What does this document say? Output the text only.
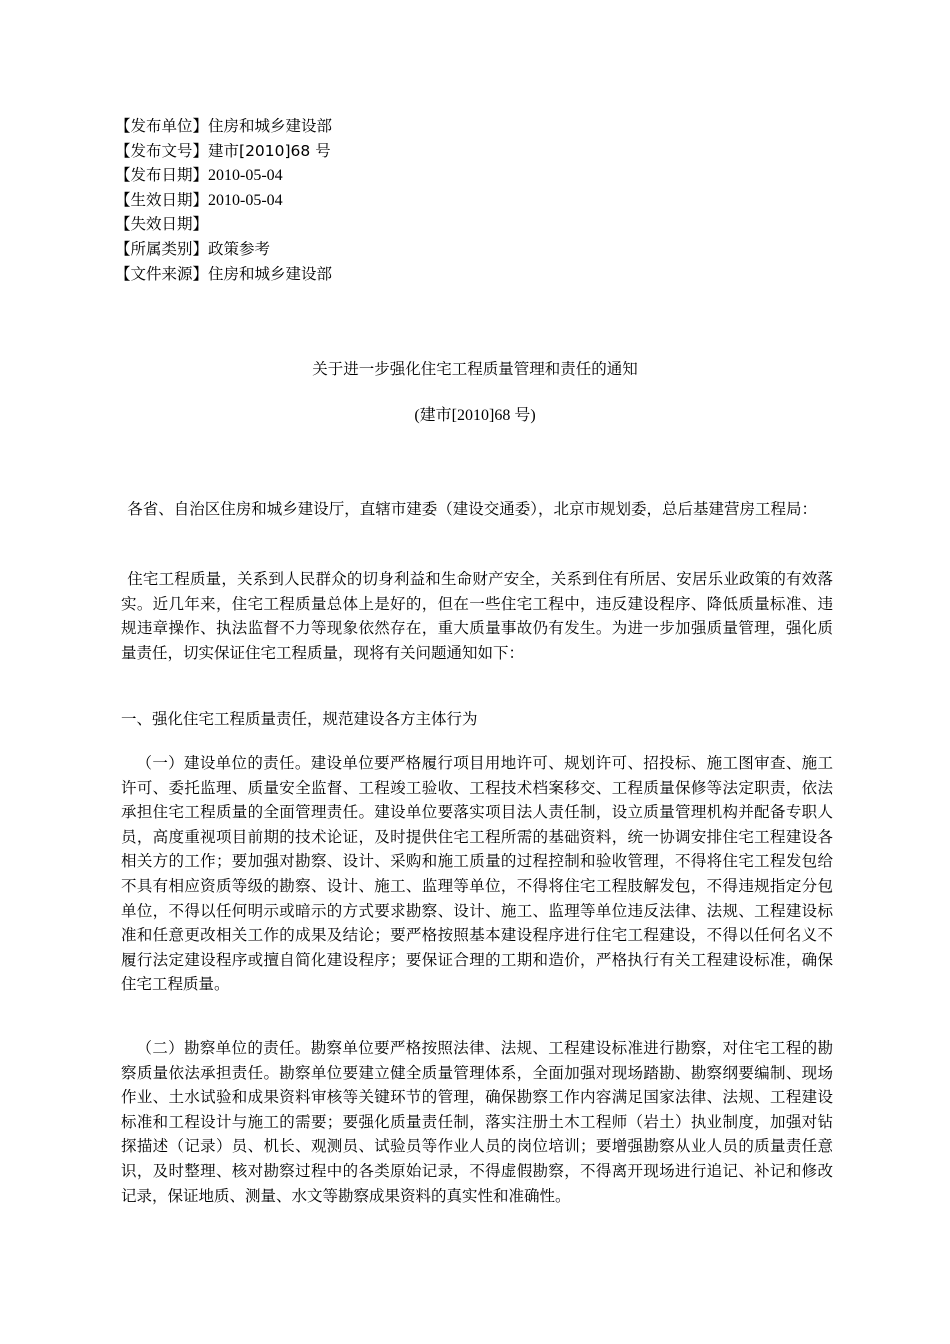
【发布单位】住房和城乡建设部
【发布文号】建市[2010]68 号
【发布日期】2010-05-04
【生效日期】2010-05-04
【失效日期】
【所属类别】政策参考
【文件来源】住房和城乡建设部
关于进一步强化住宅工程质量管理和责任的通知
(建市[2010]68 号)

各省、自治区住房和城乡建设厅，直辖市建委（建设交通委），北京市规划委，总后基建营房工程局：

住宅工程质量，关系到人民群众的切身利益和生命财产安全，关系到住有所居、安居乐业政策的有效落实。近几年来，住宅工程质量总体上是好的，但在一些住宅工程中，违反建设程序、降低质量标准、违规违章操作、执法监督不力等现象依然存在，重大质量事故仍有发生。为进一步加强质量管理，强化质量责任，切实保证住宅工程质量，现将有关问题通知如下：

一、强化住宅工程质量责任，规范建设各方主体行为

（一）建设单位的责任。建设单位要严格履行项目用地许可、规划许可、招投标、施工图审查、施工许可、委托监理、质量安全监督、工程竣工验收、工程技术档案移交、工程质量保修等法定职责，依法承担住宅工程质量的全面管理责任。建设单位要落实项目法人责任制，设立质量管理机构并配备专职人员，高度重视项目前期的技术论证，及时提供住宅工程所需的基础资料，统一协调安排住宅工程建设各相关方的工作；要加强对勘察、设计、采购和施工质量的过程控制和验收管理，不得将住宅工程发包给不具有相应资质等级的勘察、设计、施工、监理等单位，不得将住宅工程肢解发包，不得违规指定分包单位，不得以任何明示或暗示的方式要求勘察、设计、施工、监理等单位违反法律、法规、工程建设标准和任意更改相关工作的成果及结论；要严格按照基本建设程序进行住宅工程建设，不得以任何名义不履行法定建设程序或擅自简化建设程序；要保证合理的工期和造价，严格执行有关工程建设标准，确保住宅工程质量。

（二）勘察单位的责任。勘察单位要严格按照法律、法规、工程建设标准进行勘察，对住宅工程的勘察质量依法承担责任。勘察单位要建立健全质量管理体系，全面加强对现场踏勘、勘察纲要编制、现场作业、土水试验和成果资料审核等关键环节的管理，确保勘察工作内容满足国家法律、法规、工程建设标准和工程设计与施工的需要；要强化质量责任制，落实注册土木工程师（岩土）执业制度，加强对钻探描述（记录）员、机长、观测员、试验员等作业人员的岗位培训；要增强勘察从业人员的质量责任意识，及时整理、核对勘察过程中的各类原始记录，不得虚假勘察，不得离开现场进行追记、补记和修改记录，保证地质、测量、水文等勘察成果资料的真实性和准确性。
